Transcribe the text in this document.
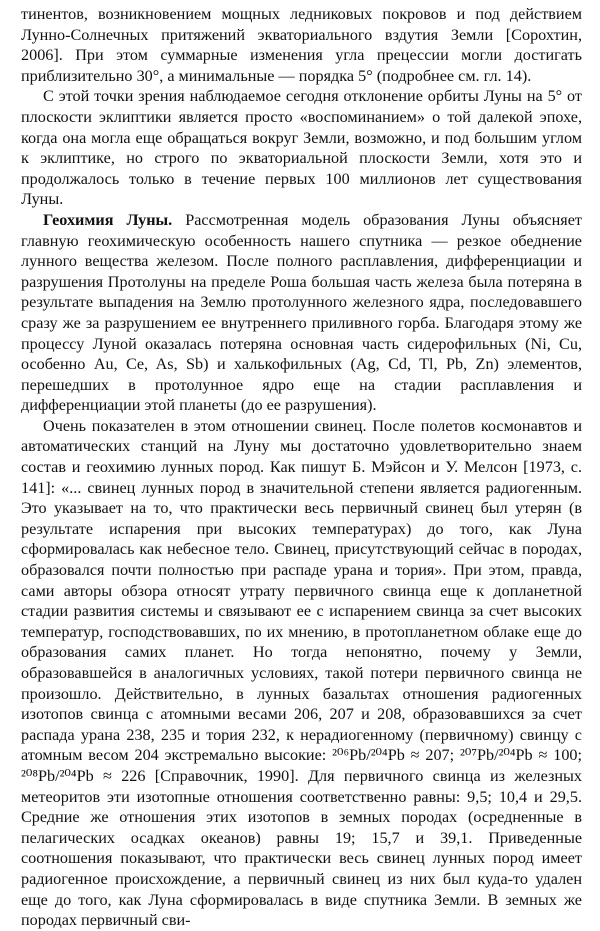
тинентов, возникновением мощных ледниковых покровов и под действием Лунно-Солнечных притяжений экваториального вздутия Земли [Сорохтин, 2006]. При этом суммарные изменения угла прецессии могли достигать приблизительно 30°, а минимальные — порядка 5° (подробнее см. гл. 14).

С этой точки зрения наблюдаемое сегодня отклонение орбиты Луны на 5° от плоскости эклиптики является просто «воспоминанием» о той далекой эпохе, когда она могла еще обращаться вокруг Земли, возможно, и под большим углом к эклиптике, но строго по экваториальной плоскости Земли, хотя это и продолжалось только в течение первых 100 миллионов лет существования Луны.

Геохимия Луны. Рассмотренная модель образования Луны объясняет главную геохимическую особенность нашего спутника — резкое обеднение лунного вещества железом. После полного расплавления, дифференциации и разрушения Протолуны на пределе Роша большая часть железа была потеряна в результате выпадения на Землю протолунного железного ядра, последовавшего сразу же за разрушением ее внутреннего приливного горба. Благодаря этому же процессу Луной оказалась потеряна основная часть сидерофильных (Ni, Cu, особенно Au, Ce, As, Sb) и халькофильных (Ag, Cd, Tl, Pb, Zn) элементов, перешедших в протолунное ядро еще на стадии расплавления и дифференциации этой планеты (до ее разрушения).

Очень показателен в этом отношении свинец. После полетов космонавтов и автоматических станций на Луну мы достаточно удовлетворительно знаем состав и геохимию лунных пород. Как пишут Б. Мэйсон и У. Мелсон [1973, с. 141]: «... свинец лунных пород в значительной степени является радиогенным. Это указывает на то, что практически весь первичный свинец был утерян (в результате испарения при высоких температурах) до того, как Луна сформировалась как небесное тело. Свинец, присутствующий сейчас в породах, образовался почти полностью при распаде урана и тория». При этом, правда, сами авторы обзора относят утрату первичного свинца еще к допланетной стадии развития системы и связывают ее с испарением свинца за счет высоких температур, господствовавших, по их мнению, в протопланетном облаке еще до образования самих планет. Но тогда непонятно, почему у Земли, образовавшейся в аналогичных условиях, такой потери первичного свинца не произошло. Действительно, в лунных базальтах отношения радиогенных изотопов свинца с атомными весами 206, 207 и 208, образовавшихся за счет распада урана 238, 235 и тория 232, к нерадиогенному (первичному) свинцу с атомным весом 204 экстремально высокие: ²⁰⁶Pb/²⁰⁴Pb ≈ 207; ²⁰⁷Pb/²⁰⁴Pb ≈ 100; ²⁰⁸Pb/²⁰⁴Pb ≈ 226 [Справочник, 1990]. Для первичного свинца из железных метеоритов эти изотопные отношения соответственно равны: 9,5; 10,4 и 29,5. Средние же отношения этих изотопов в земных породах (осредненные в пелагических осадках океанов) равны 19; 15,7 и 39,1. Приведенные соотношения показывают, что практически весь свинец лунных пород имеет радиогенное происхождение, а первичный свинец из них был куда-то удален еще до того, как Луна сформировалась в виде спутника Земли. В земных же породах первичный сви-
